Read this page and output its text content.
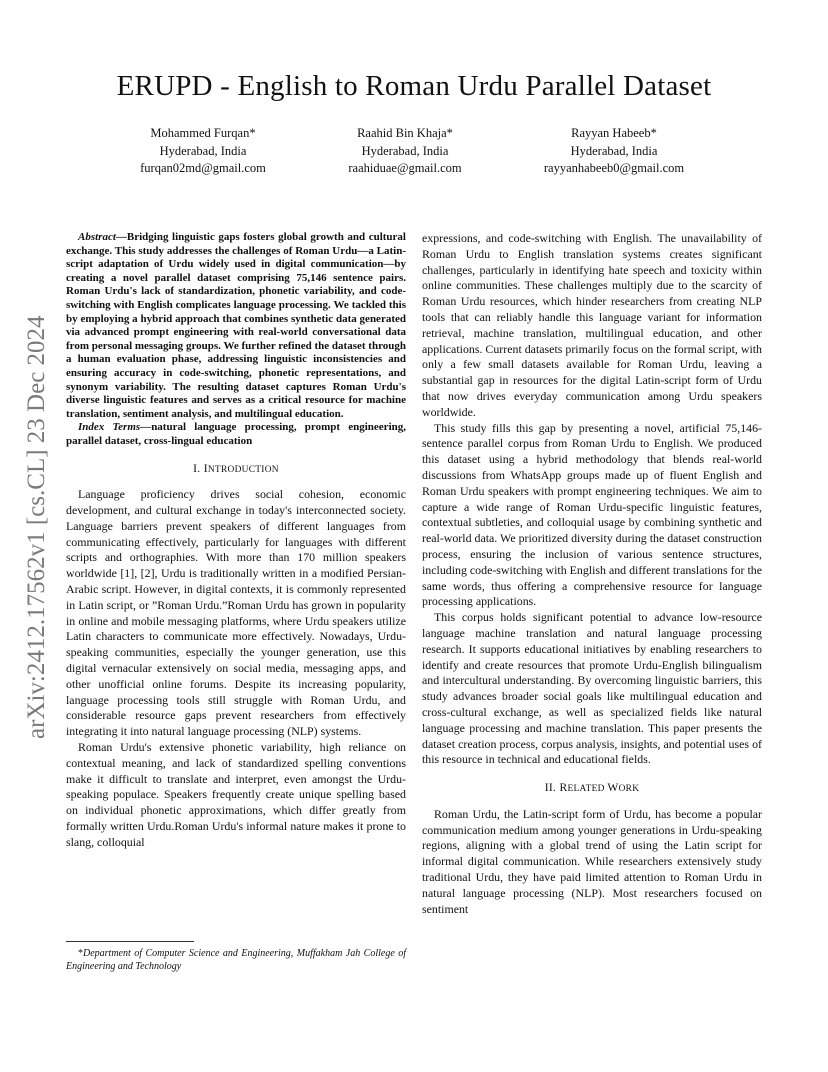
ERUPD - English to Roman Urdu Parallel Dataset
Mohammed Furqan*
Hyderabad, India
furqan02md@gmail.com
Raahid Bin Khaja*
Hyderabad, India
raahiduae@gmail.com
Rayyan Habeeb*
Hyderabad, India
rayyanhabeeb0@gmail.com
arXiv:2412.17562v1 [cs.CL] 23 Dec 2024

Abstract—Bridging linguistic gaps fosters global growth and cultural exchange. This study addresses the challenges of Roman Urdu—a Latin-script adaptation of Urdu widely used in digital communication—by creating a novel parallel dataset comprising 75,146 sentence pairs. Roman Urdu's lack of standardization, phonetic variability, and code-switching with English complicates language processing. We tackled this by employing a hybrid approach that combines synthetic data generated via advanced prompt engineering with real-world conversational data from personal messaging groups. We further refined the dataset through a human evaluation phase, addressing linguistic inconsistencies and ensuring accuracy in code-switching, phonetic representations, and synonym variability. The resulting dataset captures Roman Urdu's diverse linguistic features and serves as a critical resource for machine translation, sentiment analysis, and multilingual education.

Index Terms—natural language processing, prompt engineering, parallel dataset, cross-lingual education

I. INTRODUCTION

Language proficiency drives social cohesion, economic development, and cultural exchange in today's interconnected society. Language barriers prevent speakers of different languages from communicating effectively, particularly for languages with different scripts and orthographies. With more than 170 million speakers worldwide [1], [2], Urdu is traditionally written in a modified Persian-Arabic script. However, in digital contexts, it is commonly represented in Latin script, or ”Roman Urdu.”Roman Urdu has grown in popularity in online and mobile messaging platforms, where Urdu speakers utilize Latin characters to communicate more effectively. Nowadays, Urdu-speaking communities, especially the younger generation, use this digital vernacular extensively on social media, messaging apps, and other unofficial online forums. Despite its increasing popularity, language processing tools still struggle with Roman Urdu, and considerable resource gaps prevent researchers from effectively integrating it into natural language processing (NLP) systems.

Roman Urdu's extensive phonetic variability, high reliance on contextual meaning, and lack of standardized spelling conventions make it difficult to translate and interpret, even amongst the Urdu-speaking populace. Speakers frequently create unique spelling based on individual phonetic approximations, which differ greatly from formally written Urdu.Roman Urdu's informal nature makes it prone to slang, colloquial

expressions, and code-switching with English. The unavailability of Roman Urdu to English translation systems creates significant challenges, particularly in identifying hate speech and toxicity within online communities. These challenges multiply due to the scarcity of Roman Urdu resources, which hinder researchers from creating NLP tools that can reliably handle this language variant for information retrieval, machine translation, multilingual education, and other applications. Current datasets primarily focus on the formal script, with only a few small datasets available for Roman Urdu, leaving a substantial gap in resources for the digital Latin-script form of Urdu that now drives everyday communication among Urdu speakers worldwide.

This study fills this gap by presenting a novel, artificial 75,146-sentence parallel corpus from Roman Urdu to English. We produced this dataset using a hybrid methodology that blends real-world discussions from WhatsApp groups made up of fluent English and Roman Urdu speakers with prompt engineering techniques. We aim to capture a wide range of Roman Urdu-specific linguistic features, contextual subtleties, and colloquial usage by combining synthetic and real-world data. We prioritized diversity during the dataset construction process, ensuring the inclusion of various sentence structures, including code-switching with English and different translations for the same words, thus offering a comprehensive resource for language processing applications.

This corpus holds significant potential to advance low-resource language machine translation and natural language processing research. It supports educational initiatives by enabling researchers to identify and create resources that promote Urdu-English bilingualism and intercultural understanding. By overcoming linguistic barriers, this study advances broader social goals like multilingual education and cross-cultural exchange, as well as specialized fields like natural language processing and machine translation. This paper presents the dataset creation process, corpus analysis, insights, and potential uses of this resource in technical and educational fields.

II. RELATED WORK

Roman Urdu, the Latin-script form of Urdu, has become a popular communication medium among younger generations in Urdu-speaking regions, aligning with a global trend of using the Latin script for informal digital communication. While researchers extensively study traditional Urdu, they have paid limited attention to Roman Urdu in natural language processing (NLP). Most researchers focused on sentiment

*Department of Computer Science and Engineering, Muffakham Jah College of Engineering and Technology
